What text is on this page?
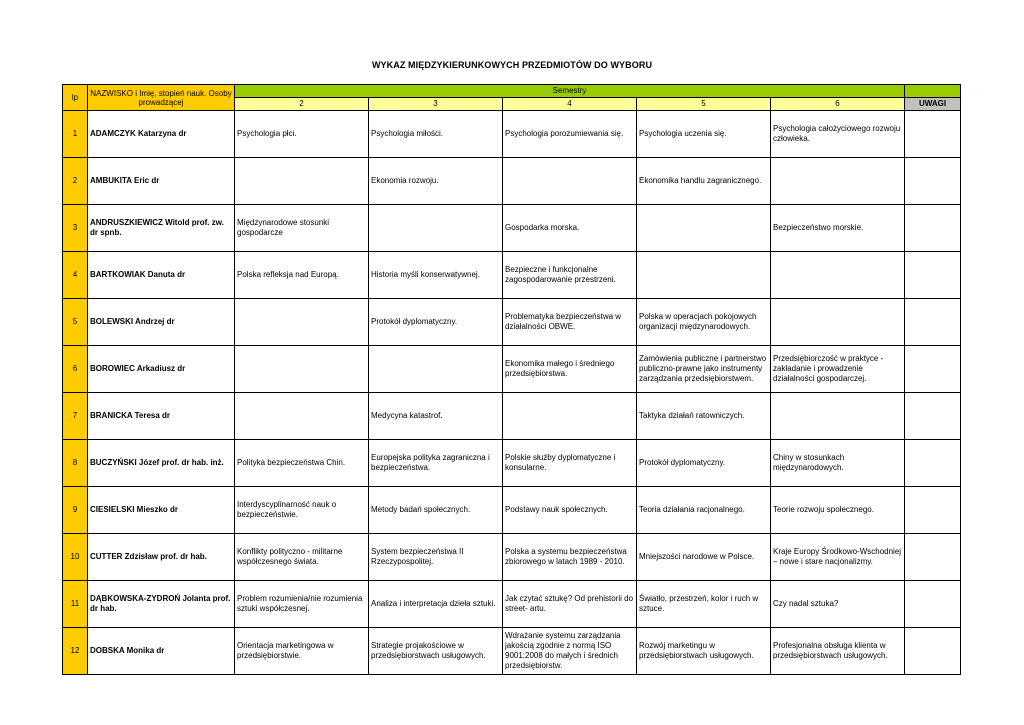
WYKAZ MIĘDZYKIERUNKOWYCH PRZEDMIOTÓW DO WYBORU
lp	NAZWISKO i Imię, stopień nauk. Osoby prowadzącej	Semestry					
		2	3	4	5	6	UWAGI
1	ADAMCZYK Katarzyna dr	Psychologia płci.	Psychologia miłości.	Psychologia porozumiewania się.	Psychologia uczenia się.	Psychologia całożyciowego rozwoju człowieka.	
2	AMBUKITA Eric dr		Ekonomia rozwoju.		Ekonomika handlu zagranicznego.		
3	ANDRUSZKIEWICZ Witold prof. zw. dr spnb.	Międzynarodowe stosunki gospodarcze		Gospodarka morska.		Bezpieczeństwo morskie.	
4	BARTKOWIAK Danuta dr	Polska refleksja nad Europą.	Historia myśli konserwatywnej.	Bezpieczne i funkcjonalne zagospodarowanie przestrzeni.			
5	BOLEWSKI Andrzej dr		Protokół dyplomatyczny.	Problematyka bezpieczeństwa w działalności OBWE.	Polska w operacjach pokojowych organizacji międzynarodowych.		
6	BOROWIEC Arkadiusz dr			Ekonomika małego i średniego przedsiębiorstwa.	Zamówienia publiczne i partnerstwo publiczno-prawne jako instrumenty zarządzania przedsiębiorstwem.	Przedsiębiorczość w praktyce - zakładanie i prowadzenie działalności gospodarczej.	
7	BRANICKA Teresa dr		Medycyna katastrof.		Taktyka działań ratowniczych.		
8	BUCZYŃSKI Józef prof. dr hab. inż.	Polityka bezpieczeństwa Chin.	Europejska polityka zagraniczna i bezpieczeństwa.	Polskie służby dyplomatyczne i konsularne.	Protokół dyplomatyczny.	Chiny w stosunkach międzynarodowych.	
9	CIESIELSKI Mieszko dr	Interdyscyplinarność nauk o bezpieczeństwie.	Metody badań społecznych.	Podstawy nauk społecznych.	Teoria działania racjonalnego.	Teorie rozwoju społecznego.	
10	CUTTER Zdzisław prof. dr hab.	Konflikty polityczno - militarne współczesnego świata.	System bezpieczeństwa II Rzeczypospolitej.	Polska a systemu bezpieczeństwa zbiorowego w latach 1989 - 2010.	Mniejszości narodowe w Polsce.	Kraje Europy Środkowo-Wschodniej – nowe i stare nacjonalizmy.	
11	DĄBKOWSKA-ZYDROŃ Jolanta prof. dr hab.	Problem rozumienia/nie rozumienia sztuki współczesnej.	Analiza i interpretacja dzieła sztuki.	Jak czytać sztukę? Od prehistorii do street- artu.	Światło, przestrzeń, kolor i ruch w sztuce.	Czy nadal sztuka?	
12	DOBSKA Monika dr	Orientacja marketingowa w przedsiębiorstwie.	Strategie projakościowe w przedsiębiorstwach usługowych.	Wdrażanie systemu zarządzania jakością zgodnie z normą ISO 9001:2008 do małych i średnich przedsiębiorstw.	Rozwój marketingu w przedsiębiorstwach usługowych.	Profesjonalna obsługa klienta w przedsiębiorstwach usługowych.	
